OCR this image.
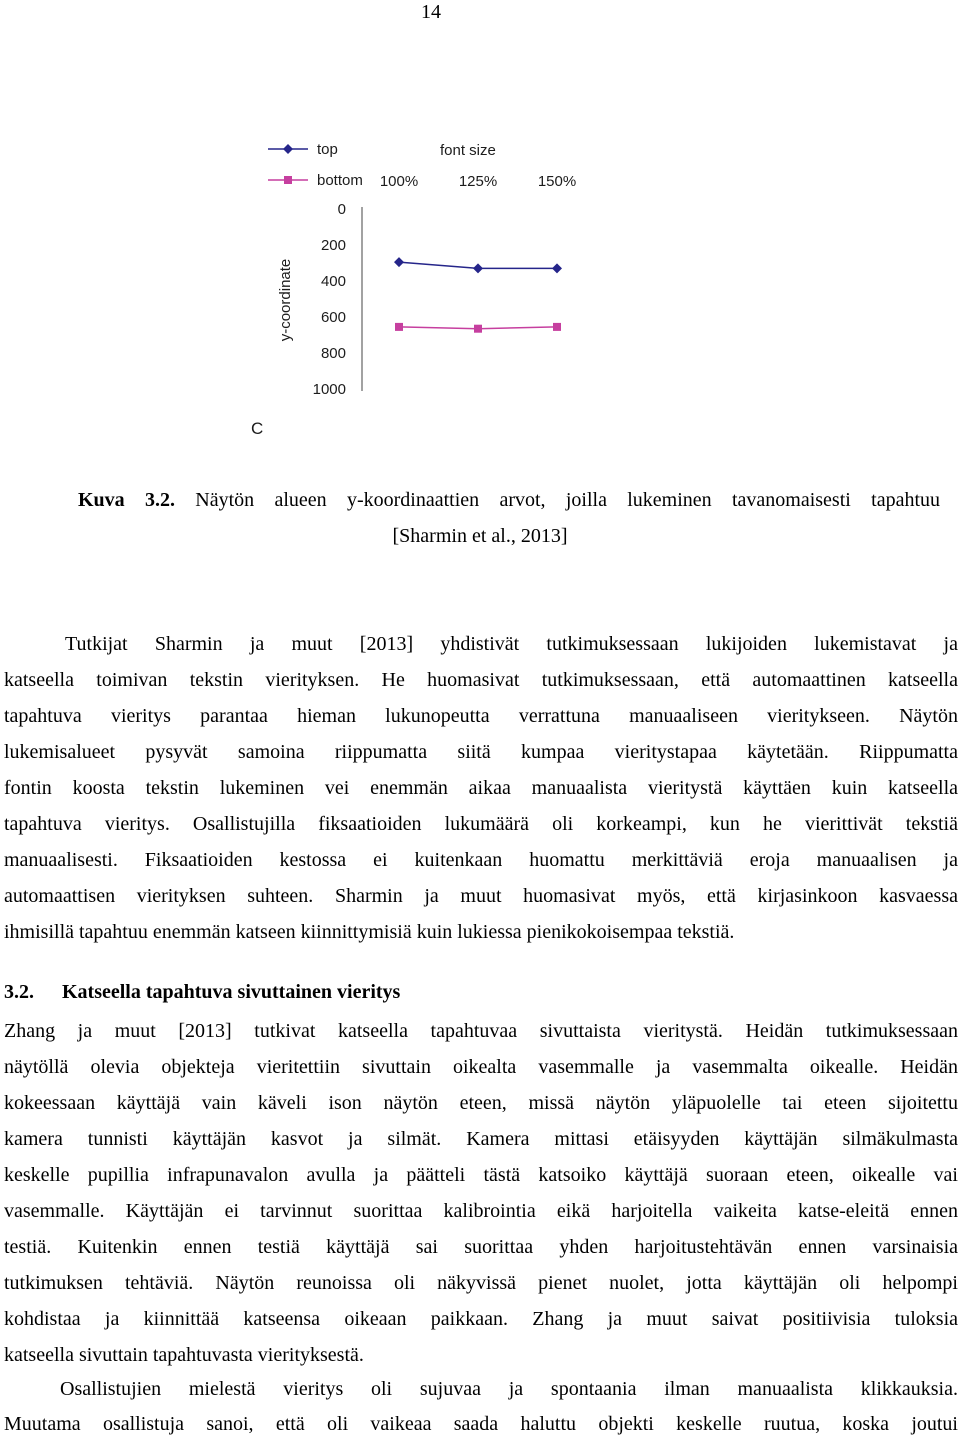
14
0
200
400
600
800
1000
y-coordinate
font size
100%	125%	150%
top
bottom
C
Kuva 3.2. Näytön alueen y-koordinaattien arvot, joilla lukeminen tavanomaisesti tapahtuu
[Sharmin et al., 2013]
Tutkijat Sharmin ja muut [2013] yhdistivät tutkimuksessaan lukijoiden lukemistavat ja
katseella toimivan tekstin vierityksen. He huomasivat tutkimuksessaan, että automaattinen katseella
tapahtuva vieritys parantaa hieman lukunopeutta verrattuna manuaaliseen vieritykseen. Näytön
lukemisalueet pysyvät samoina riippumatta siitä kumpaa vieritystapaa käytetään. Riippumatta
fontin koosta tekstin lukeminen vei enemmän aikaa manuaalista vieritystä käyttäen kuin katseella
tapahtuva vieritys. Osallistujilla fiksaatioiden lukumäärä oli korkeampi, kun he vierittivät tekstiä
manuaalisesti. Fiksaatioiden kestossa ei kuitenkaan huomattu merkittäviä eroja manuaalisen ja
automaattisen vierityksen suhteen. Sharmin ja muut huomasivat myös, että kirjasinkoon kasvaessa
ihmisillä tapahtuu enemmän katseen kiinnittymisiä kuin lukiessa pienikokoisempaa tekstiä.
3.2. Katseella tapahtuva sivuttainen vieritys
Zhang ja muut [2013] tutkivat katseella tapahtuvaa sivuttaista vieritystä. Heidän tutkimuksessaan
näytöllä olevia objekteja vieritettiin sivuttain oikealta vasemmalle ja vasemmalta oikealle. Heidän
kokeessaan käyttäjä vain käveli ison näytön eteen, missä näytön yläpuolelle tai eteen sijoitettu
kamera tunnisti käyttäjän kasvot ja silmät. Kamera mittasi etäisyyden käyttäjän silmäkulmasta
keskelle pupillia infrapunavalon avulla ja päätteli tästä katsoiko käyttäjä suoraan eteen, oikealle vai
vasemmalle. Käyttäjän ei tarvinnut suorittaa kalibrointia eikä harjoitella vaikeita katse-eleitä ennen
testiä. Kuitenkin ennen testiä käyttäjä sai suorittaa yhden harjoitustehtävän ennen varsinaisia
tutkimuksen tehtäviä. Näytön reunoissa oli näkyvissä pienet nuolet, jotta käyttäjän oli helpompi
kohdistaa ja kiinnittää katseensa oikeaan paikkaan. Zhang ja muut saivat positiivisia tuloksia
katseella sivuttain tapahtuvasta vierityksestä.
Osallistujien mielestä vieritys oli sujuvaa ja spontaania ilman manuaalista klikkauksia.
Muutama osallistuja sanoi, että oli vaikeaa saada haluttu objekti keskelle ruutua, koska joutui
